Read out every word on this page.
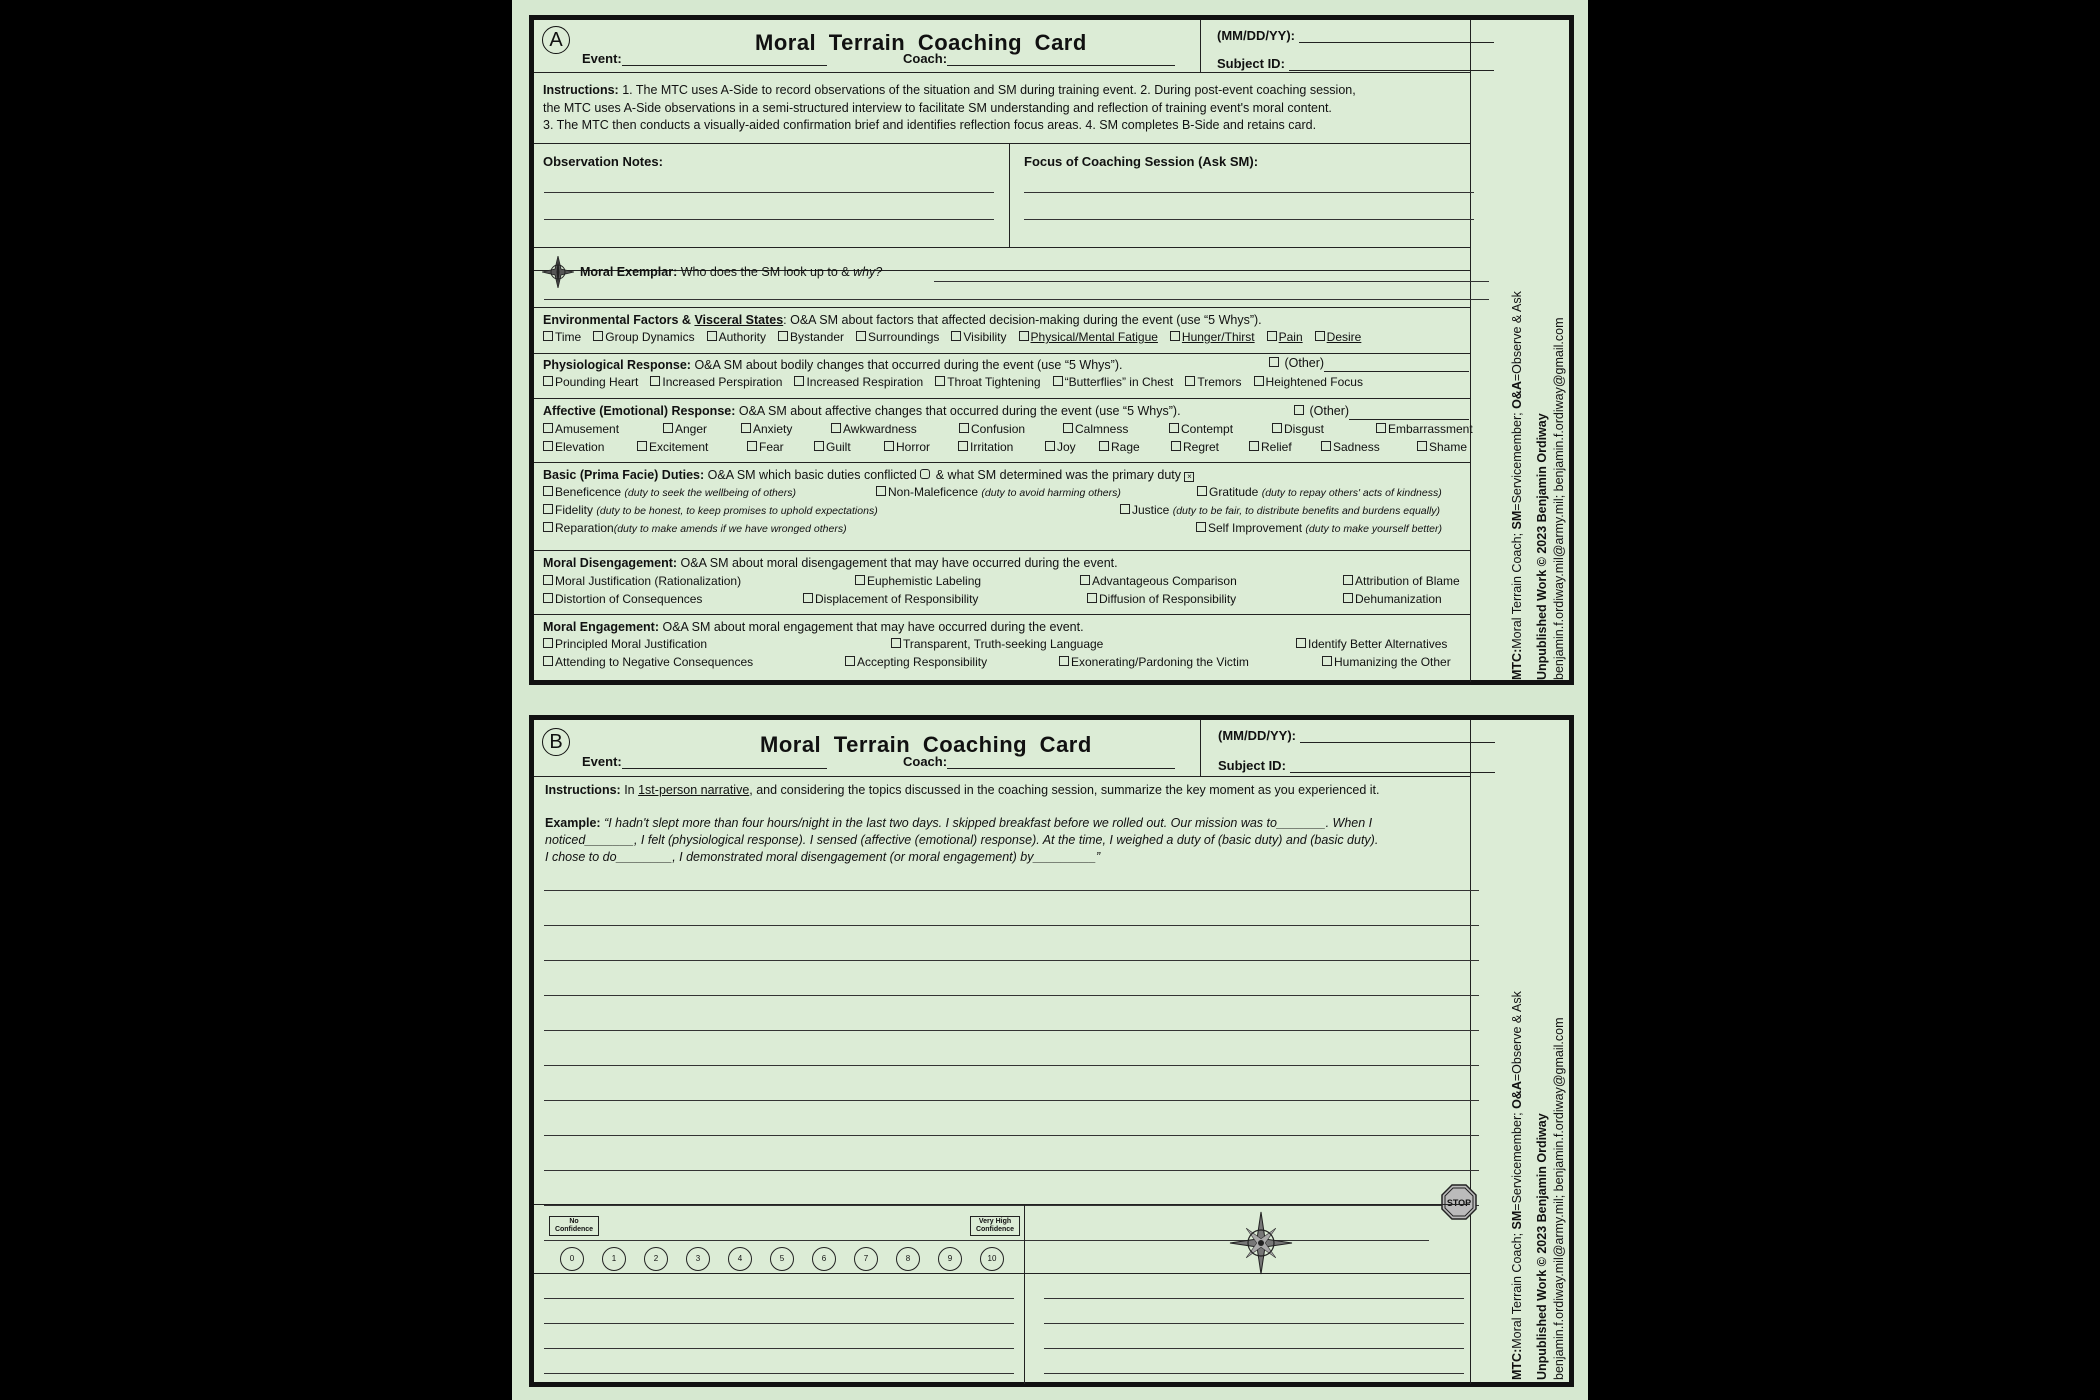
A	Moral Terrain Coaching Card
Event:	Coach:
(MM/DD/YY):
Subject ID:
Instructions: 1. The MTC uses A-Side to record observations of the situation and SM during training event. 2. During post-event coaching session,
the MTC uses A-Side observations in a semi-structured interview to facilitate SM understanding and reflection of training event's moral content.
3. The MTC then conducts a visually-aided confirmation brief and identifies reflection focus areas. 4. SM completes B-Side and retains card.
Observation Notes:	Focus of Coaching Session (Ask SM):
Moral Exemplar: Who does the SM look up to & why?
Environmental Factors & Visceral States: O&A SM about factors that affected decision-making during the event (use “5 Whys”).
Time Group Dynamics Authority Bystander Surroundings Visibility Physical/Mental Fatigue Hunger/Thirst Pain Desire
Physiological Response: O&A SM about bodily changes that occurred during the event (use “5 Whys”).	(Other)
Pounding Heart Increased Perspiration Increased Respiration Throat Tightening “Butterflies” in Chest Tremors Heightened Focus
Affective (Emotional) Response: O&A SM about affective changes that occurred during the event (use “5 Whys”).	(Other)
Amusement	Anger	Anxiety	Awkwardness	Confusion	Calmness	Contempt	Disgust	Embarrassment
Elevation	Excitement	Fear	Guilt	Horror	Irritation	Joy	Rage	Regret	Relief	Sadness	Shame
Basic (Prima Facie) Duties: O&A SM which basic duties conflicted & what SM determined was the primary duty ×
Beneficence (duty to seek the wellbeing of others)	Non-Maleficence (duty to avoid harming others)	Gratitude (duty to repay others' acts of kindness)
Fidelity (duty to be honest, to keep promises to uphold expectations)	Justice (duty to be fair, to distribute benefits and burdens equally)
Reparation(duty to make amends if we have wronged others)	Self Improvement (duty to make yourself better)
Moral Disengagement: O&A SM about moral disengagement that may have occurred during the event.
Moral Justification (Rationalization)	Euphemistic Labeling	Advantageous Comparison	Attribution of Blame
Distortion of Consequences	Displacement of Responsibility	Diffusion of Responsibility	Dehumanization
Moral Engagement: O&A SM about moral engagement that may have occurred during the event.
Principled Moral Justification	Transparent, Truth-seeking Language	Identify Better Alternatives
Attending to Negative Consequences	Accepting Responsibility	Exonerating/Pardoning the Victim	Humanizing the Other	MTC:Moral Terrain Coach; SM=Servicemember; O&A=Observe & Ask
Unpublished Work © 2023 Benjamin Ordiway benjamin.f.ordiway.mil@army.mil; benjamin.f.ordiway@gmail.com
B	Moral Terrain Coaching Card
Event:	Coach:
(MM/DD/YY):
Subject ID:
Instructions: In 1st-person narrative, and considering the topics discussed in the coaching session, summarize the key moment as you experienced it.
Example: “I hadn't slept more than four hours/night in the last two days. I skipped breakfast before we rolled out. Our mission was to_______. When I
noticed_______, I felt (physiological response). I sensed (affective (emotional) response). At the time, I weighed a duty of (basic duty) and (basic duty).
I chose to do________, I demonstrated moral disengagement (or moral engagement) by_________”
STOP
No Confidence
Very High Confidence
0	1	2	3	4	5	6	7	8	9	10
MTC:Moral Terrain Coach; SM=Servicemember; O&A=Observe & Ask
Unpublished Work © 2023 Benjamin Ordiway benjamin.f.ordiway.mil@army.mil; benjamin.f.ordiway@gmail.com
